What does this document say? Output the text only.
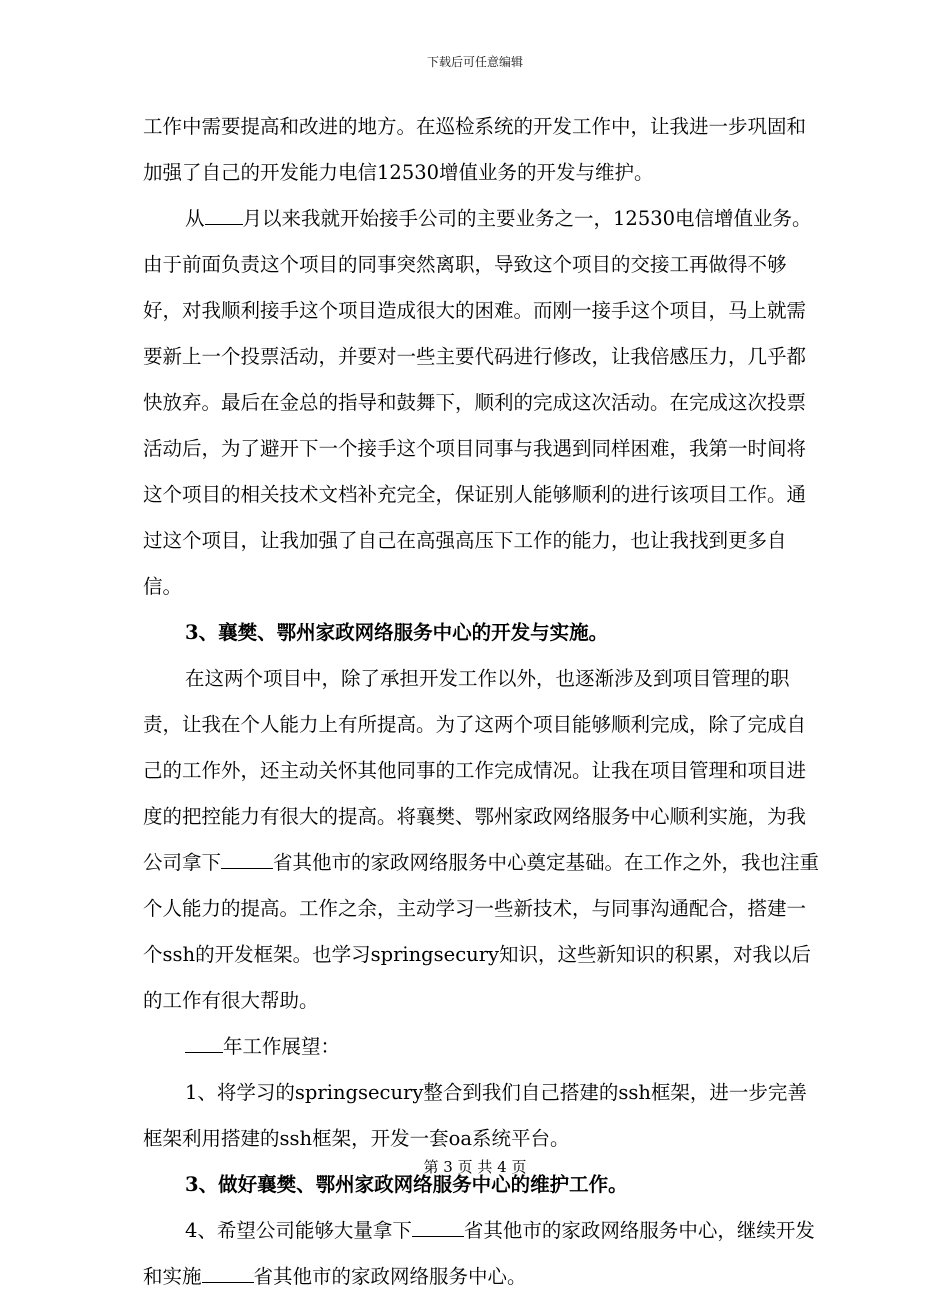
下载后可任意编辑

工作中需要提高和改进的地方。在巡检系统的开发工作中，让我进一步巩固和加强了自己的开发能力电信12530增值业务的开发与维护。

从 月以来我就开始接手公司的主要业务之一，12530电信增值业务。由于前面负责这个项目的同事突然离职，导致这个项目的交接工再做得不够好，对我顺利接手这个项目造成很大的困难。而刚一接手这个项目，马上就需要新上一个投票活动，并要对一些主要代码进行修改，让我倍感压力，几乎都快放弃。最后在金总的指导和鼓舞下，顺利的完成这次活动。在完成这次投票活动后，为了避开下一个接手这个项目同事与我遇到同样困难，我第一时间将这个项目的相关技术文档补充完全，保证别人能够顺利的进行该项目工作。通过这个项目，让我加强了自己在高强高压下工作的能力，也让我找到更多自信。

3、襄樊、鄂州家政网络服务中心的开发与实施。

在这两个项目中，除了承担开发工作以外，也逐渐涉及到项目管理的职责，让我在个人能力上有所提高。为了这两个项目能够顺利完成，除了完成自己的工作外，还主动关怀其他同事的工作完成情况。让我在项目管理和项目进度的把控能力有很大的提高。将襄樊、鄂州家政网络服务中心顺利实施，为我公司拿下	省其他市的家政网络服务中心奠定基础。在工作之外，我也注重个人能力的提高。工作之余，主动学习一些新技术，与同事沟通配合，搭建一个ssh的开发框架。也学习springsecury知识，这些新知识的积累，对我以后的工作有很大帮助。

年工作展望：

1、将学习的springsecury整合到我们自己搭建的ssh框架，进一步完善框架利用搭建的ssh框架，开发一套oa系统平台。

3、做好襄樊、鄂州家政网络服务中心的维护工作。

4、希望公司能够大量拿下	省其他市的家政网络服务中心，继续开发和实施	省其他市的家政网络服务中心。

第 3 页 共 4 页
